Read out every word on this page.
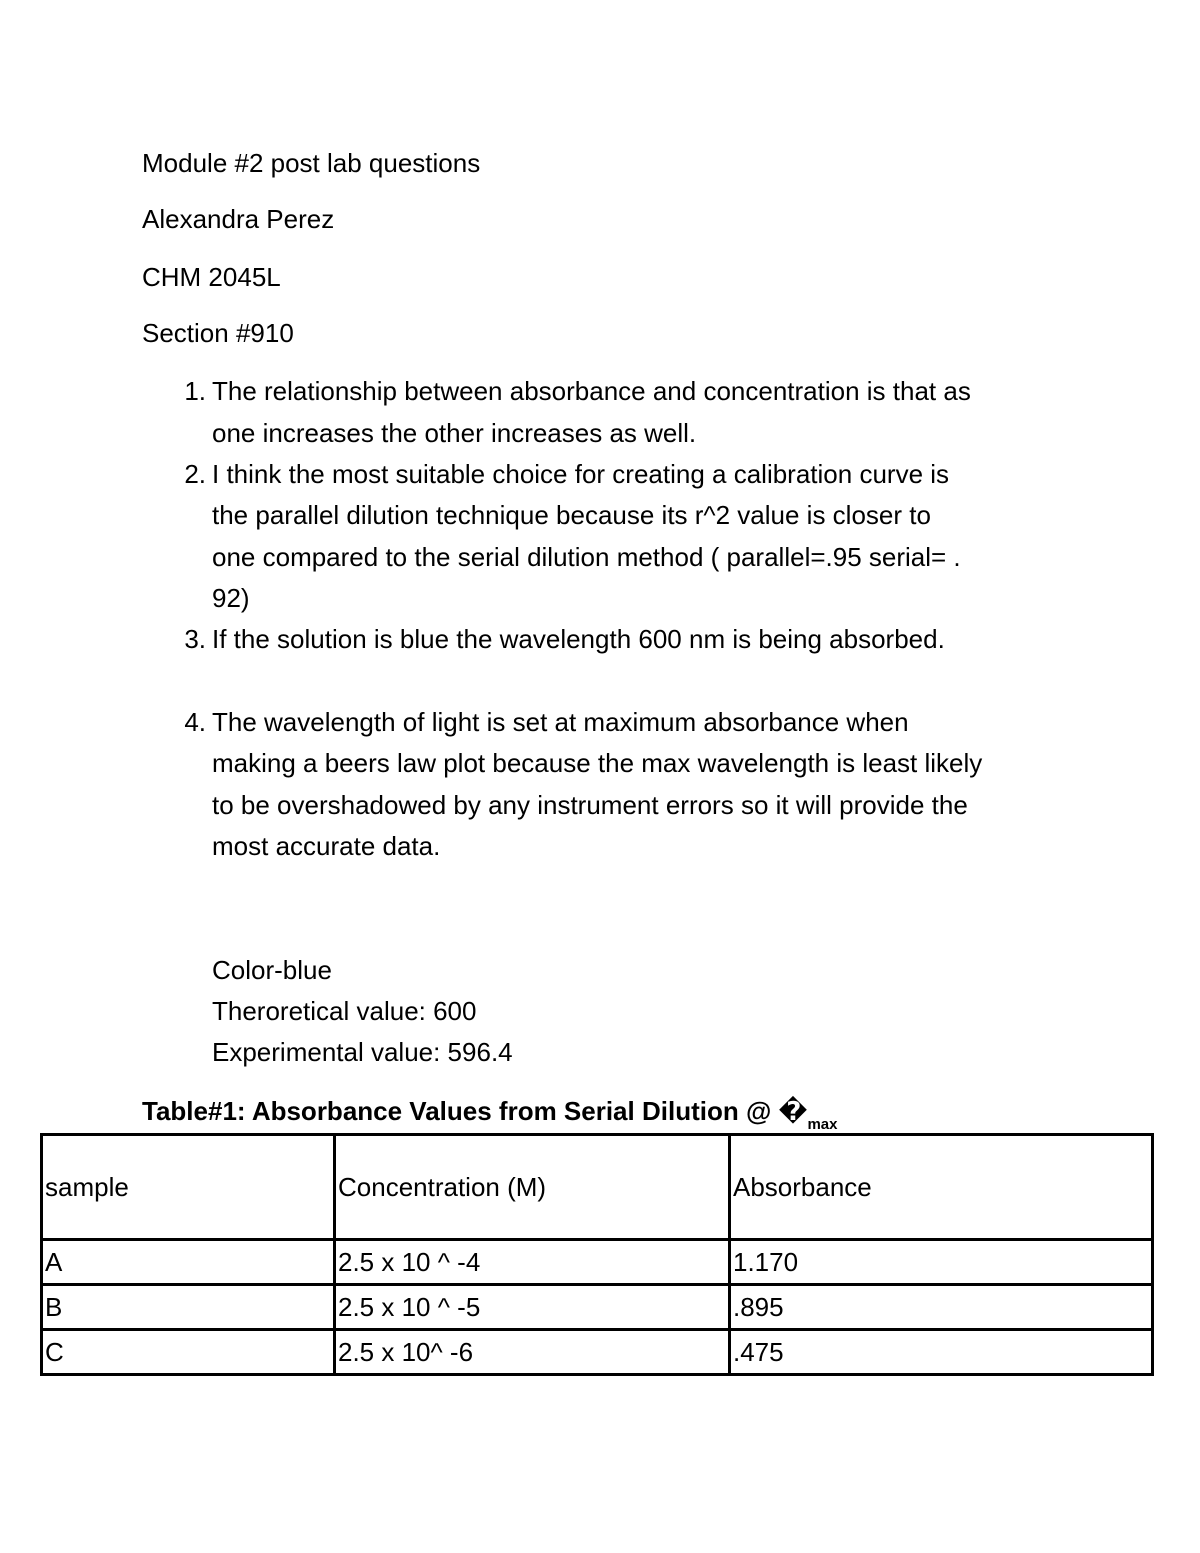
Module #2 post lab questions
Alexandra Perez
CHM 2045L
Section #910
1. The relationship between absorbance and concentration is that as
one increases the other increases as well.
2. I think the most suitable choice for creating a calibration curve is
the parallel dilution technique because its r^2 value is closer to
one compared to the serial dilution method ( parallel=.95 serial= .
92)
3. If the solution is blue the wavelength 600 nm is being absorbed.
4. The wavelength of light is set at maximum absorbance when
making a beers law plot because the max wavelength is least likely
to be overshadowed by any instrument errors so it will provide the
most accurate data.
Color-blue
Theroretical value: 600
Experimental value: 596.4
Table#1: Absorbance Values from Serial Dilution @ $�_{max}$
sample	Concentration (M)	Absorbance
A	2.5 x 10 ^ -4	1.170
B	2.5 x 10 ^ -5	.895
C	2.5 x 10^ -6	.475
